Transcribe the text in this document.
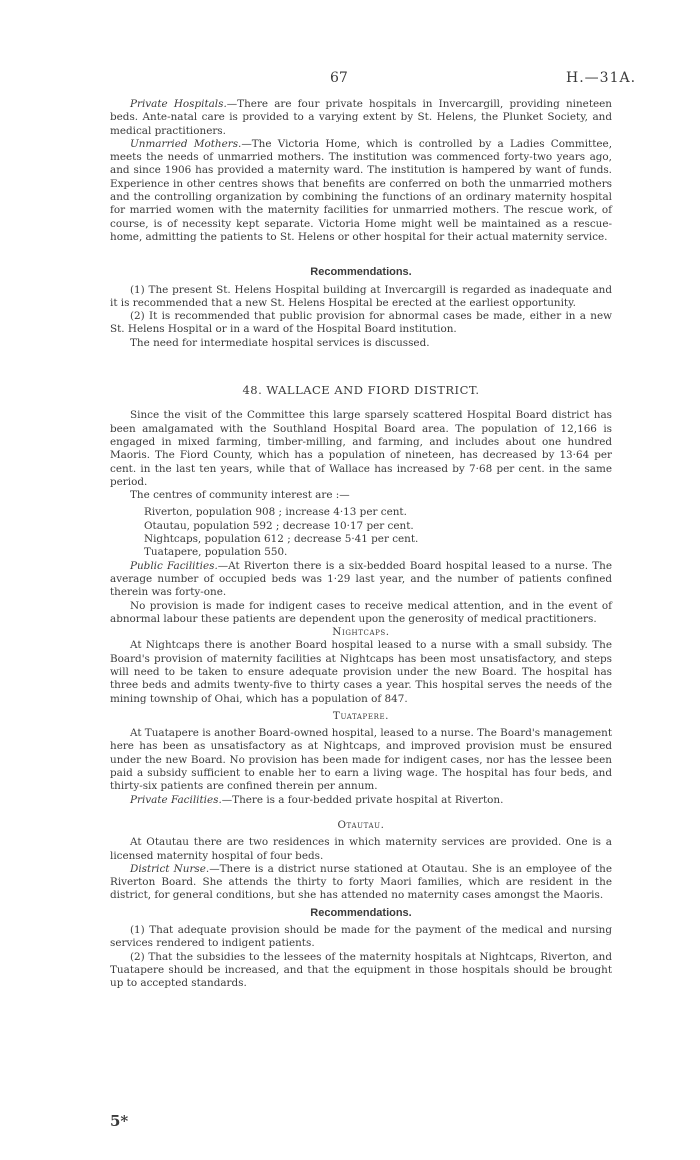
67	H.—31A.

Private Hospitals.—There are four private hospitals in Invercargill, providing nineteen beds. Ante-natal care is provided to a varying extent by St. Helens, the Plunket Society, and medical practitioners.

Unmarried Mothers.—The Victoria Home, which is controlled by a Ladies Committee, meets the needs of unmarried mothers. The institution was commenced forty-two years ago, and since 1906 has provided a maternity ward. The institution is hampered by want of funds. Experience in other centres shows that benefits are conferred on both the unmarried mothers and the controlling organization by combining the functions of an ordinary maternity hospital for married women with the maternity facilities for unmarried mothers. The rescue work, of course, is of necessity kept separate. Victoria Home might well be maintained as a rescue-home, admitting the patients to St. Helens or other hospital for their actual maternity service.

Recommendations.

(1) The present St. Helens Hospital building at Invercargill is regarded as inadequate and it is recommended that a new St. Helens Hospital be erected at the earliest opportunity.

(2) It is recommended that public provision for abnormal cases be made, either in a new St. Helens Hospital or in a ward of the Hospital Board institution.

The need for intermediate hospital services is discussed.

48. WALLACE AND FIORD DISTRICT.

Since the visit of the Committee this large sparsely scattered Hospital Board district has been amalgamated with the Southland Hospital Board area. The population of 12,166 is engaged in mixed farming, timber-milling, and farming, and includes about one hundred Maoris. The Fiord County, which has a population of nineteen, has decreased by 13·64 per cent. in the last ten years, while that of Wallace has increased by 7·68 per cent. in the same period.

The centres of community interest are :—

Riverton, population 908 ; increase 4·13 per cent.

Otautau, population 592 ; decrease 10·17 per cent.

Nightcaps, population 612 ; decrease 5·41 per cent.

Tuatapere, population 550.

Public Facilities.—At Riverton there is a six-bedded Board hospital leased to a nurse. The average number of occupied beds was 1·29 last year, and the number of patients confined therein was forty-one.

No provision is made for indigent cases to receive medical attention, and in the event of abnormal labour these patients are dependent upon the generosity of medical practitioners.

Nightcaps.

At Nightcaps there is another Board hospital leased to a nurse with a small subsidy. The Board's provision of maternity facilities at Nightcaps has been most unsatisfactory, and steps will need to be taken to ensure adequate provision under the new Board. The hospital has three beds and admits twenty-five to thirty cases a year. This hospital serves the needs of the mining township of Ohai, which has a population of 847.

Tuatapere.

At Tuatapere is another Board-owned hospital, leased to a nurse. The Board's management here has been as unsatisfactory as at Nightcaps, and improved provision must be ensured under the new Board. No provision has been made for indigent cases, nor has the lessee been paid a subsidy sufficient to enable her to earn a living wage. The hospital has four beds, and thirty-six patients are confined therein per annum.

Private Facilities.—There is a four-bedded private hospital at Riverton.

Otautau.

At Otautau there are two residences in which maternity services are provided. One is a licensed maternity hospital of four beds.

District Nurse.—There is a district nurse stationed at Otautau. She is an employee of the Riverton Board. She attends the thirty to forty Maori families, which are resident in the district, for general conditions, but she has attended no maternity cases amongst the Maoris.

Recommendations.

(1) That adequate provision should be made for the payment of the medical and nursing services rendered to indigent patients.

(2) That the subsidies to the lessees of the maternity hospitals at Nightcaps, Riverton, and Tuatapere should be increased, and that the equipment in those hospitals should be brought up to accepted standards.

5*
